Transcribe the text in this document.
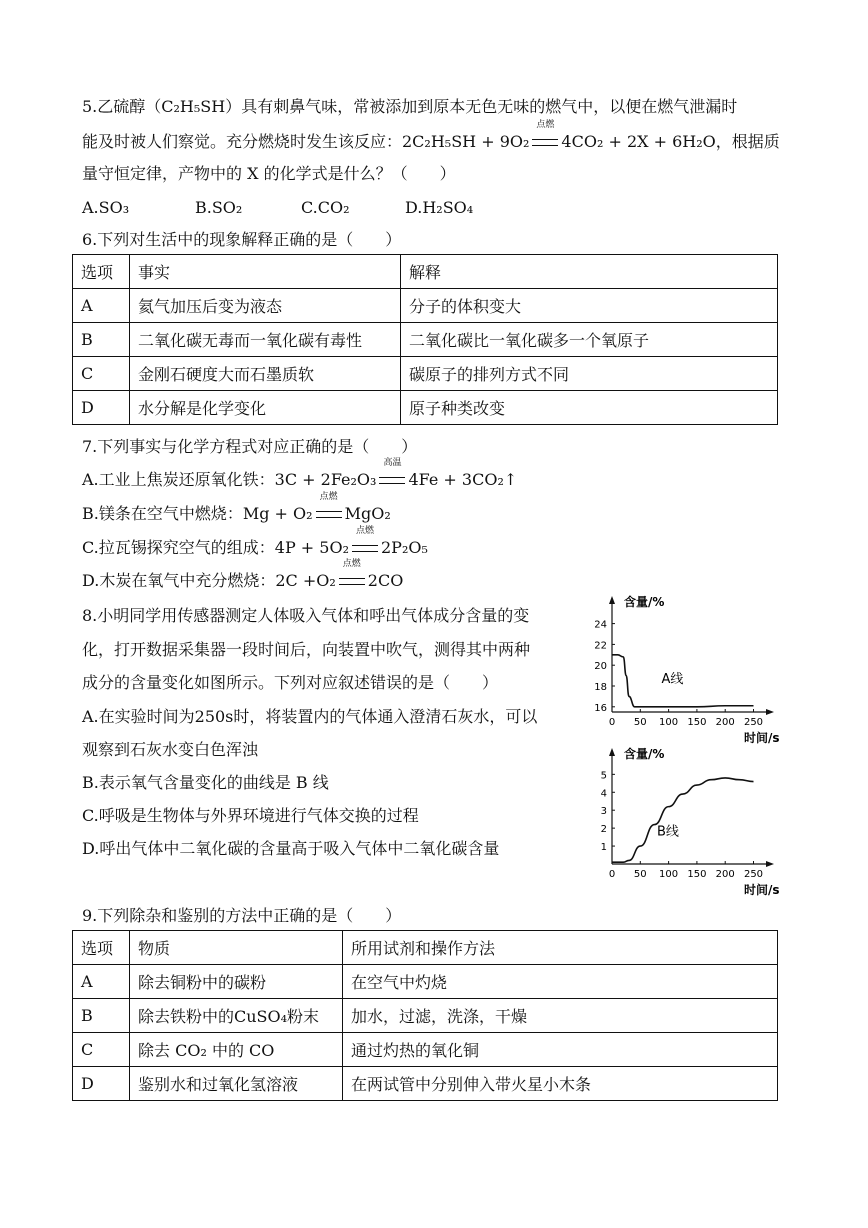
5.乙硫醇（C₂H₅SH）具有刺鼻气味，常被添加到原本无色无味的燃气中，以便在燃气泄漏时
能及时被人们察觉。充分燃烧时发生该反应：2C₂H₅SH + 9O₂
点燃
4CO₂ + 2X + 6H₂O，根据质
量守恒定律，产物中的 X 的化学式是什么？（　　）
A.SO₃	B.SO₂	C.CO₂	D.H₂SO₄
6.下列对生活中的现象解释正确的是（　　）
选项	事实	解释
A	氦气加压后变为液态	分子的体积变大
B	二氧化碳无毒而一氧化碳有毒性	二氧化碳比一氧化碳多一个氧原子
C	金刚石硬度大而石墨质软	碳原子的排列方式不同
D	水分解是化学变化	原子种类改变
7.下列事实与化学方程式对应正确的是（　　）
A.工业上焦炭还原氧化铁：3C + 2Fe₂O₃
高温
4Fe + 3CO₂↑
B.镁条在空气中燃烧：Mg + O₂
点燃
MgO₂
C.拉瓦锡探究空气的组成：4P + 5O₂
点燃
2P₂O₅
D.木炭在氧气中充分燃烧：2C +O₂
点燃
2CO
8.小明同学用传感器测定人体吸入气体和呼出气体成分含量的变
化，打开数据采集器一段时间后，向装置中吹气，测得其中两种
成分的含量变化如图所示。下列对应叙述错误的是（　　）
A.在实验时间为250s时，将装置内的气体通入澄清石灰水，可以
观察到石灰水变白色浑浊
B.表示氧气含量变化的曲线是 B 线
C.呼吸是生物体与外界环境进行气体交换的过程
D.呼出气体中二氧化碳的含量高于吸入气体中二氧化碳含量
0 50 100 150 200 250
16
18
20
22
24
含量/%
时间/s
A线
0 50 100 150 200 250
1
2
3
4
5
含量/%
时间/s
B线
9.下列除杂和鉴别的方法中正确的是（　　）
选项	物质	所用试剂和操作方法
A	除去铜粉中的碳粉	在空气中灼烧
B	除去铁粉中的CuSO₄粉末	加水，过滤，洗涤，干燥
C	除去 CO₂ 中的 CO	通过灼热的氧化铜
D	鉴别水和过氧化氢溶液	在两试管中分别伸入带火星小木条
